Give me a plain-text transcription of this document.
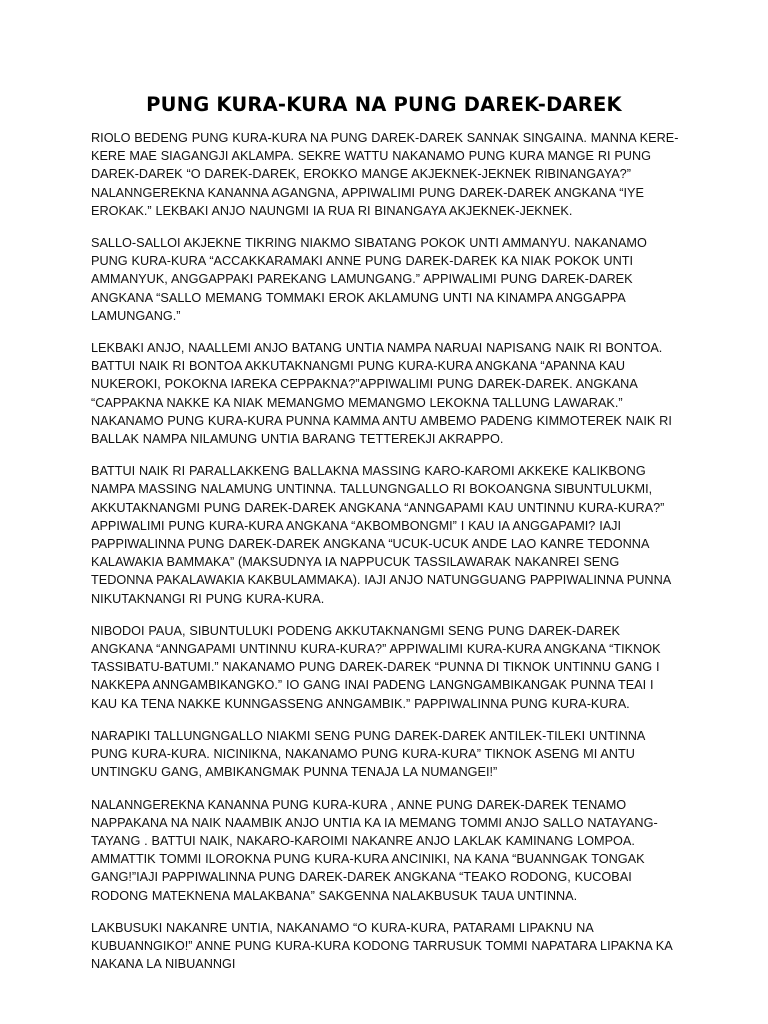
PUNG KURA-KURA NA PUNG DAREK-DAREK

RIOLO BEDENG PUNG KURA-KURA NA PUNG DAREK-DAREK SANNAK SINGAINA. MANNA KERE-KERE MAE SIAGANGJI AKLAMPA. SEKRE WATTU NAKANAMO PUNG KURA MANGE RI PUNG DAREK-DAREK “O DAREK-DAREK, EROKKO MANGE AKJEKNEK-JEKNEK RIBINANGAYA?” NALANNGEREKNA KANANNA AGANGNA, APPIWALIMI PUNG DAREK-DAREK ANGKANA “IYE EROKAK.” LEKBAKI ANJO NAUNGMI IA RUA RI BINANGAYA AKJEKNEK-JEKNEK.

SALLO-SALLOI AKJEKNE TIKRING NIAKMO SIBATANG POKOK UNTI AMMANYU. NAKANAMO PUNG KURA-KURA “ACCAKKARAMAKI ANNE PUNG DAREK-DAREK KA NIAK POKOK UNTI AMMANYUK, ANGGAPPAKI PAREKANG LAMUNGANG.” APPIWALIMI PUNG DAREK-DAREK ANGKANA “SALLO MEMANG TOMMAKI EROK AKLAMUNG UNTI NA KINAMPA ANGGAPPA LAMUNGANG.”

LEKBAKI ANJO, NAALLEMI ANJO BATANG UNTIA NAMPA NARUAI NAPISANG NAIK RI BONTOA. BATTUI NAIK RI BONTOA AKKUTAKNANGMI PUNG KURA-KURA ANGKANA “APANNA KAU NUKEROKI, POKOKNA IAREKA CEPPAKNA?”APPIWALIMI PUNG DAREK-DAREK. ANGKANA “CAPPAKNA NAKKE KA NIAK MEMANGMO MEMANGMO LEKOKNA TALLUNG LAWARAK.” NAKANAMO PUNG KURA-KURA PUNNA KAMMA ANTU AMBEMO PADENG KIMMOTEREK NAIK RI BALLAK NAMPA NILAMUNG UNTIA BARANG TETTEREKJI AKRAPPO.

BATTUI NAIK RI PARALLAKKENG BALLAKNA MASSING KARO-KAROMI AKKEKE KALIKBONG NAMPA MASSING NALAMUNG UNTINNA. TALLUNGNGALLO RI BOKOANGNA SIBUNTULUKMI, AKKUTAKNANGMI PUNG DAREK-DAREK ANGKANA “ANNGAPAMI KAU UNTINNU KURA-KURA?” APPIWALIMI PUNG KURA-KURA ANGKANA “AKBOMBONGMI” I KAU IA ANGGAPAMI? IAJI PAPPIWALINNA PUNG DAREK-DAREK ANGKANA “UCUK-UCUK ANDE LAO KANRE TEDONNA KALAWAKIA BAMMAKA” (MAKSUDNYA IA NAPPUCUK TASSILAWARAK NAKANREI SENG TEDONNA PAKALAWAKIA KAKBULAMMAKA). IAJI ANJO NATUNGGUANG PAPPIWALINNA PUNNA NIKUTAKNANGI RI PUNG KURA-KURA.

NIBODOI PAUA, SIBUNTULUKI PODENG AKKUTAKNANGMI SENG PUNG DAREK-DAREK ANGKANA “ANNGAPAMI UNTINNU KURA-KURA?” APPIWALIMI KURA-KURA ANGKANA “TIKNOK TASSIBATU-BATUMI.” NAKANAMO PUNG DAREK-DAREK “PUNNA DI TIKNOK UNTINNU GANG I NAKKEPA ANNGAMBIKANGKO.” IO GANG INAI PADENG LANGNGAMBIKANGAK PUNNA TEAI I KAU KA TENA NAKKE KUNNGASSENG ANNGAMBIK.” PAPPIWALINNA PUNG KURA-KURA.

NARAPIKI TALLUNGNGALLO NIAKMI SENG PUNG DAREK-DAREK ANTILEK-TILEKI UNTINNA PUNG KURA-KURA. NICINIKNA, NAKANAMO PUNG KURA-KURA” TIKNOK ASENG MI ANTU UNTINGKU GANG, AMBIKANGMAK PUNNA TENAJA LA NUMANGEI!”

NALANNGEREKNA KANANNA PUNG KURA-KURA , ANNE PUNG DAREK-DAREK TENAMO NAPPAKANA NA NAIK NAAMBIK ANJO UNTIA KA IA MEMANG TOMMI ANJO SALLO NATAYANG-TAYANG . BATTUI NAIK, NAKARO-KAROIMI NAKANRE ANJO LAKLAK KAMINANG LOMPOA. AMMATTIK TOMMI ILOROKNA PUNG KURA-KURA ANCINIKI, NA KANA “BUANNGAK TONGAK GANG!”IAJI PAPPIWALINNA PUNG DAREK-DAREK ANGKANA “TEAKO RODONG, KUCOBAI RODONG MATEKNENA MALAKBANA” SAKGENNA NALAKBUSUK TAUA UNTINNA.

LAKBUSUKI NAKANRE UNTIA, NAKANAMO “O KURA-KURA, PATARAMI LIPAKNU NA KUBUANNGIKO!” ANNE PUNG KURA-KURA KODONG TARRUSUK TOMMI NAPATARA LIPAKNA KA NAKANA LA NIBUANNGI
